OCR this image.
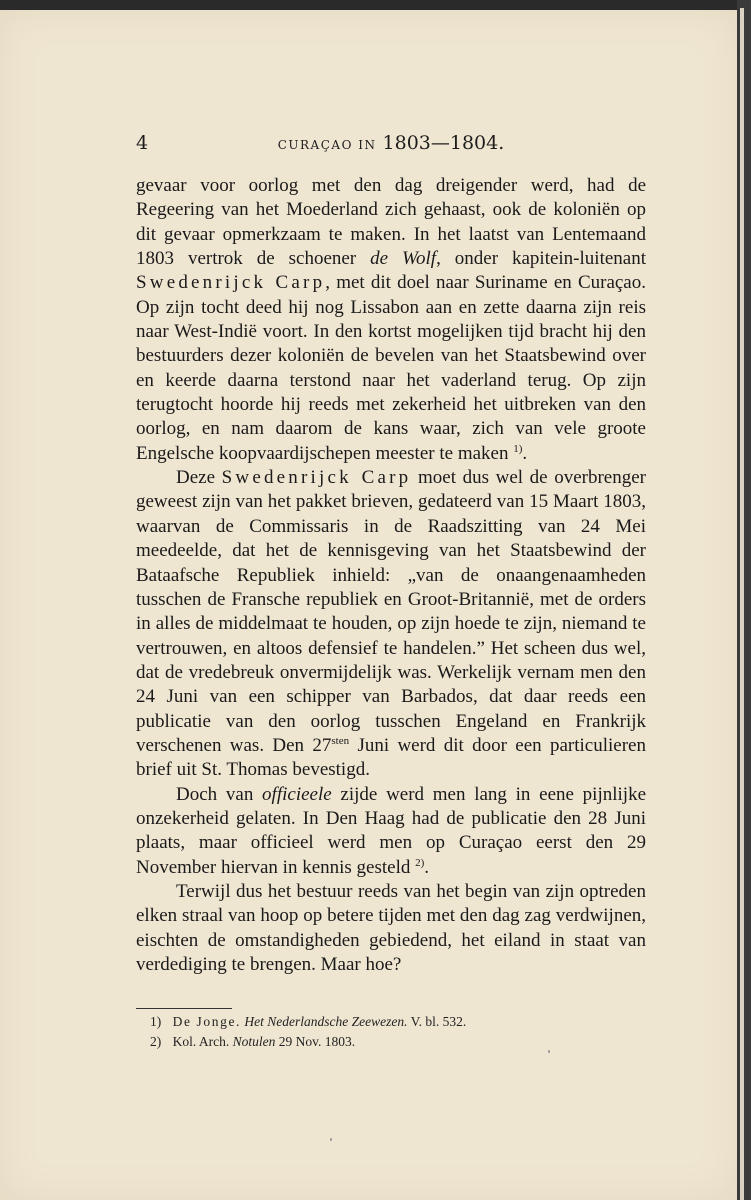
4	CURAÇAO IN 1803—1804.

gevaar voor oorlog met den dag dreigender werd, had de Regeering van het Moederland zich gehaast, ook de koloniën op dit gevaar opmerkzaam te maken. In het laatst van Lentemaand 1803 vertrok de schoener de Wolf, onder kapitein-luitenant Swedenrijck Carp, met dit doel naar Suriname en Curaçao. Op zijn tocht deed hij nog Lissabon aan en zette daarna zijn reis naar West-Indië voort. In den kortst mogelijken tijd bracht hij den bestuurders dezer koloniën de bevelen van het Staatsbewind over en keerde daarna terstond naar het vaderland terug. Op zijn terugtocht hoorde hij reeds met zekerheid het uitbreken van den oorlog, en nam daarom de kans waar, zich van vele groote Engelsche koopvaardijschepen meester te maken $^{1)}$.

Deze Swedenrijck Carp moet dus wel de overbrenger geweest zijn van het pakket brieven, gedateerd van 15 Maart 1803, waarvan de Commissaris in de Raadszitting van 24 Mei meedeelde, dat het de kennisgeving van het Staatsbewind der Bataafsche Republiek inhield: „van de onaangenaamheden tusschen de Fransche republiek en Groot-Britannië, met de orders in alles de middelmaat te houden, op zijn hoede te zijn, niemand te vertrouwen, en altoos defensief te handelen.” Het scheen dus wel, dat de vredebreuk onvermijdelijk was. Werkelijk vernam men den 24 Juni van een schipper van Barbados, dat daar reeds een publicatie van den oorlog tusschen Engeland en Frankrijk verschenen was. Den $27^{sten}$ Juni werd dit door een particulieren brief uit St. Thomas bevestigd.

Doch van officieele zijde werd men lang in eene pijnlijke onzekerheid gelaten. In Den Haag had de publicatie den 28 Juni plaats, maar officieel werd men op Curaçao eerst den 29 November hiervan in kennis gesteld $^{2)}$.

Terwijl dus het bestuur reeds van het begin van zijn optreden elken straal van hoop op betere tijden met den dag zag verdwijnen, eischten de omstandigheden gebiedend, het eiland in staat van verdediging te brengen. Maar hoe?

1) De Jonge. Het Nederlandsche Zeewezen. V. bl. 532.
2) Kol. Arch. Notulen 29 Nov. 1803.
